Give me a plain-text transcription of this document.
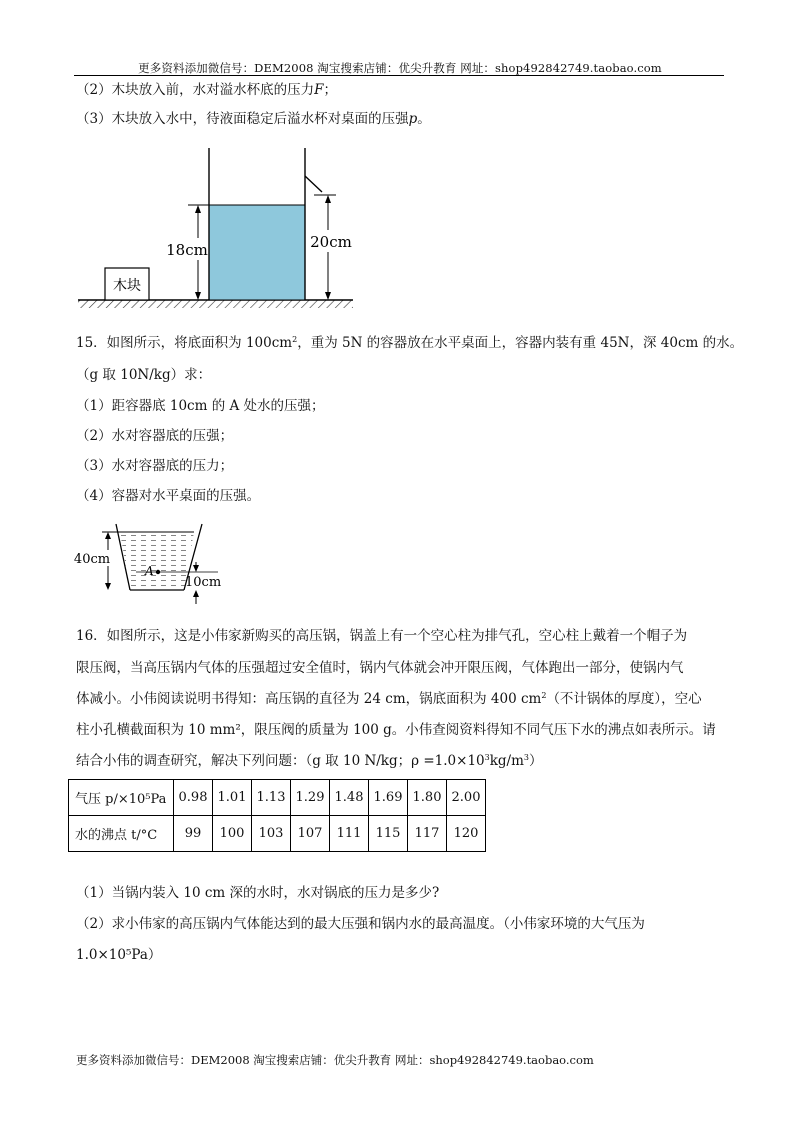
更多资料添加微信号：DEM2008 淘宝搜索店铺：优尖升教育 网址：shop492842749.taobao.com
（2）木块放入前，水对溢水杯底的压力F；
（3）木块放入水中，待液面稳定后溢水杯对桌面的压强p。
木块
18cm	20cm
15．如图所示，将底面积为 $100cm^2$，重为 5N 的容器放在水平桌面上，容器内装有重 45N，深 40cm 的水。
（g 取 10N/kg）求：
（1）距容器底 10cm 的 A 处水的压强；
（2）水对容器底的压强；
（3）水对容器底的压力；
（4）容器对水平桌面的压强。
40cm
A
10cm
16．如图所示，这是小伟家新购买的高压锅，锅盖上有一个空心柱为排气孔，空心柱上戴着一个帽子为
限压阀，当高压锅内气体的压强超过安全值时，锅内气体就会冲开限压阀，气体跑出一部分，使锅内气
体减小。小伟阅读说明书得知：高压锅的直径为 24 cm，锅底面积为 400 $cm^2$（不计锅体的厚度），空心
柱小孔横截面积为 10 mm²，限压阀的质量为 100 g。小伟查阅资料得知不同气压下水的沸点如表所示。请
结合小伟的调查研究，解决下列问题：（g 取 10 N/kg；$\rho =1.0\times 10^3kg/m^3$）
气压 p/×10⁵Pa	0.98	1.01	1.13	1.29	1.48	1.69	1.80	2.00
水的沸点 t/°C	99	100	103	107	111	115	117	120
（1）当锅内装入 10 cm 深的水时，水对锅底的压力是多少?
（2）求小伟家的高压锅内气体能达到的最大压强和锅内水的最高温度。（小伟家环境的大气压为
1.0×10⁵Pa）
更多资料添加微信号：DEM2008 淘宝搜索店铺：优尖升教育 网址：shop492842749.taobao.com
